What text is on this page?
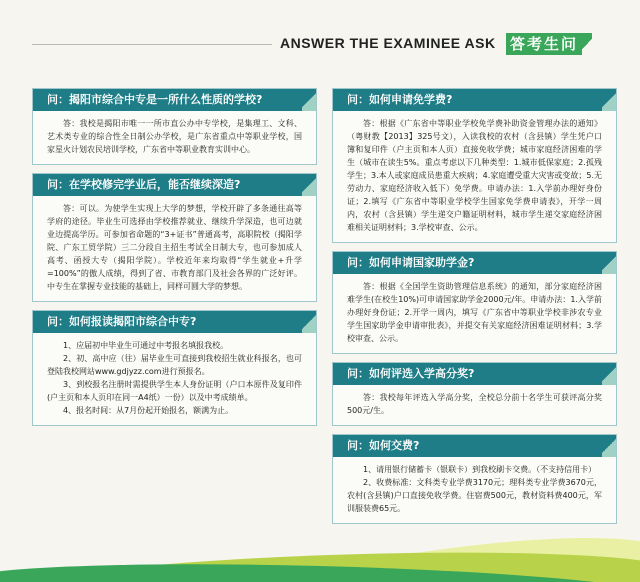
ANSWER THE EXAMINEE ASK 答考生问
问：揭阳市综合中专是一所什么性质的学校?

答：我校是揭阳市唯一一所市直公办中专学校，是集理工、文科、艺术类专业的综合性全日制公办学校，是广东省重点中等职业学校，国家星火计划农民培训学校，广东省中等职业教育实训中心。

问：在学校修完学业后，能否继续深造?

答：可以。为使学生实现上大学的梦想，学校开辟了多条通往高等学府的途径。毕业生可选择由学校推荐就业、继续升学深造，也可边就业边提高学历。可参加省命题的“3+证书”普通高考，高职院校（揭阳学院、广东工贸学院）三二分段自主招生考试全日制大专，也可参加成人高考、函授大专（揭阳学院）。学校近年来均取得“学生就业+升学=100%”的傲人成绩，得到了省、市教育部门及社会各界的广泛好评。中专生在掌握专业技能的基础上，同样可圆大学的梦想。

问：如何报读揭阳市综合中专?

1、应届初中毕业生可通过中考报名填报我校。

2、初、高中应（往）届毕业生可直接到我校招生就业科报名，也可登陆我校网站www.gdjyzz.com进行预报名。

3、到校报名注册时需提供学生本人身份证明（户口本原件及复印件(户主页和本人页印在同一A4纸）一份）以及中考成绩单。

4、报名时间：从7月份起开始报名，额满为止。

问：如何申请免学费?

答：根据《广东省中等职业学校免学费补助资金管理办法的通知》（粤财教【2013】325号文），入读我校的农村（含县镇）学生凭户口簿和复印件（户主页和本人页）直接免收学费；城市家庭经济困难的学生（城市在读生5%。重点考虑以下几种类型：1.城市低保家庭；2.孤残学生；3.本人或家庭成员患重大疾病；4.家庭遭受重大灾害或变故；5.无劳动力、家庭经济收入低下）免学费。申请办法：1.入学前办理好身份证；2.填写《广东省中等职业学校学生国家免学费申请表》，开学一周内，农村（含县镇）学生递交户籍证明材料，城市学生递交家庭经济困难相关证明材料；3.学校审查、公示。

问：如何申请国家助学金?

答：根据《全国学生资助管理信息系统》的通知，部分家庭经济困难学生(在校生10%)可申请国家助学金2000元/年。申请办法：1.入学前办理好身份证；2.开学一周内，填写《广东省中等职业学校非涉农专业学生国家助学金申请审批表》，并提交有关家庭经济困难证明材料；3.学校审查、公示。

问：如何评选入学高分奖?

答：我校每年评选入学高分奖，全校总分前十名学生可获评高分奖500元/生。

问：如何交费?

1、请用银行储蓄卡（银联卡）到我校刷卡交费。（不支持信用卡）

2、收费标准：文科类专业学费3170元；理科类专业学费3670元，农村(含县镇)户口直接免收学费。住宿费500元，教材资料费400元，军训服装费65元。
